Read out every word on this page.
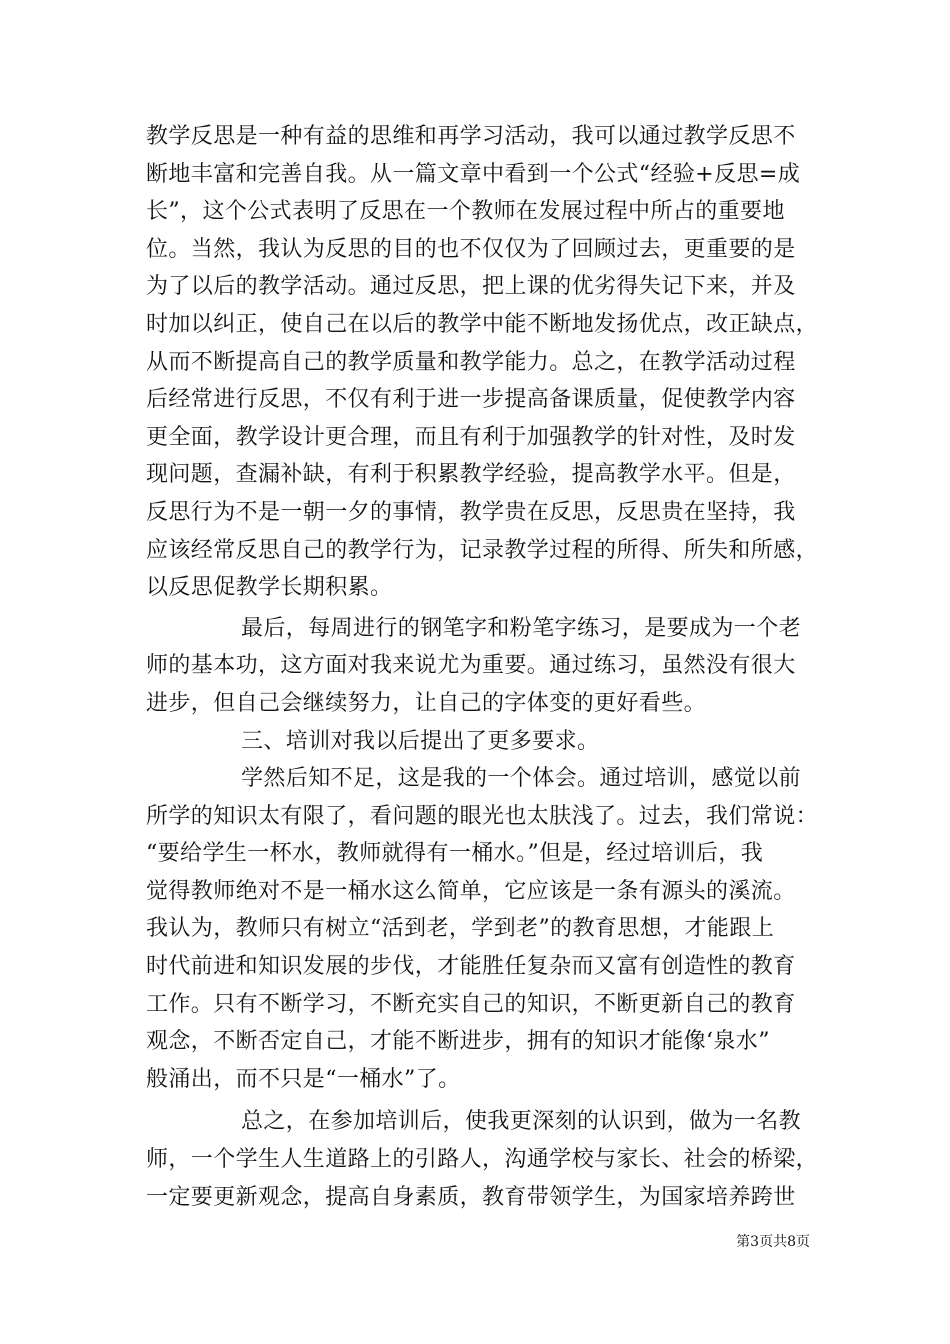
教学反思是一种有益的思维和再学习活动，我可以通过教学反思不
断地丰富和完善自我。从一篇文章中看到一个公式“经验+反思=成
长”，这个公式表明了反思在一个教师在发展过程中所占的重要地
位。当然，我认为反思的目的也不仅仅为了回顾过去，更重要的是
为了以后的教学活动。通过反思，把上课的优劣得失记下来，并及
时加以纠正，使自己在以后的教学中能不断地发扬优点，改正缺点，
从而不断提高自己的教学质量和教学能力。总之，在教学活动过程
后经常进行反思，不仅有利于进一步提高备课质量，促使教学内容
更全面，教学设计更合理，而且有利于加强教学的针对性，及时发
现问题，查漏补缺，有利于积累教学经验，提高教学水平。但是，
反思行为不是一朝一夕的事情，教学贵在反思，反思贵在坚持，我
应该经常反思自己的教学行为，记录教学过程的所得、所失和所感，
以反思促教学长期积累。
最后，每周进行的钢笔字和粉笔字练习，是要成为一个老
师的基本功，这方面对我来说尤为重要。通过练习，虽然没有很大
进步，但自己会继续努力，让自己的字体变的更好看些。
三、培训对我以后提出了更多要求。
学然后知不足，这是我的一个体会。通过培训，感觉以前
所学的知识太有限了，看问题的眼光也太肤浅了。过去，我们常说：
“要给学生一杯水，教师就得有一桶水。”但是，经过培训后，我
觉得教师绝对不是一桶水这么简单，它应该是一条有源头的溪流。
我认为，教师只有树立“活到老，学到老”的教育思想，才能跟上
时代前进和知识发展的步伐，才能胜任复杂而又富有创造性的教育
工作。只有不断学习，不断充实自己的知识，不断更新自己的教育
观念，不断否定自己，才能不断进步，拥有的知识才能像‘泉水”
般涌出，而不只是“一桶水”了。
总之，在参加培训后，使我更深刻的认识到，做为一名教
师，一个学生人生道路上的引路人，沟通学校与家长、社会的桥梁，
一定要更新观念，提高自身素质，教育带领学生，为国家培养跨世
第3页共8页
